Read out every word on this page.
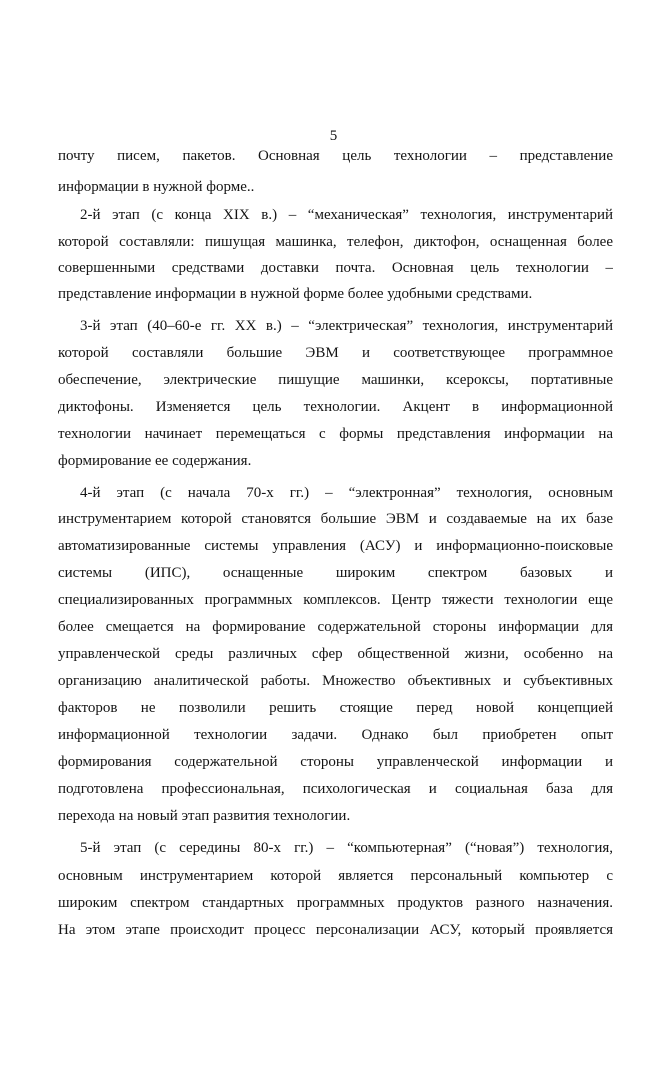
5
почту писем, пакетов. Основная цель технологии – представление
информации в нужной форме..
2-й этап (с конца XIX в.) – “механическая” технология, инструментарий
которой составляли: пишущая машинка, телефон, диктофон, оснащенная более
совершенными средствами доставки почта. Основная цель технологии –
представление информации в нужной форме более удобными средствами.
3-й этап (40–60-е гг. XX в.) – “электрическая” технология, инструментарий
которой составляли большие ЭВМ и соответствующее программное
обеспечение, электрические пишущие машинки, ксероксы, портативные
диктофоны. Изменяется цель технологии. Акцент в информационной
технологии начинает перемещаться с формы представления информации на
формирование ее содержания.
4-й этап (с начала 70-х гг.) – “электронная” технология, основным
инструментарием которой становятся большие ЭВМ и создаваемые на их базе
автоматизированные системы управления (АСУ) и информационно-поисковые
системы (ИПС), оснащенные широким спектром базовых и
специализированных программных комплексов. Центр тяжести технологии еще
более смещается на формирование содержательной стороны информации для
управленческой среды различных сфер общественной жизни, особенно на
организацию аналитической работы. Множество объективных и субъективных
факторов не позволили решить стоящие перед новой концепцией
информационной технологии задачи. Однако был приобретен опыт
формирования содержательной стороны управленческой информации и
подготовлена профессиональная, психологическая и социальная база для
перехода на новый этап развития технологии.
5-й этап (с середины 80-х гг.) – “компьютерная” (“новая”) технология,
основным инструментарием которой является персональный компьютер с
широким спектром стандартных программных продуктов разного назначения.
На этом этапе происходит процесс персонализации АСУ, который проявляется
